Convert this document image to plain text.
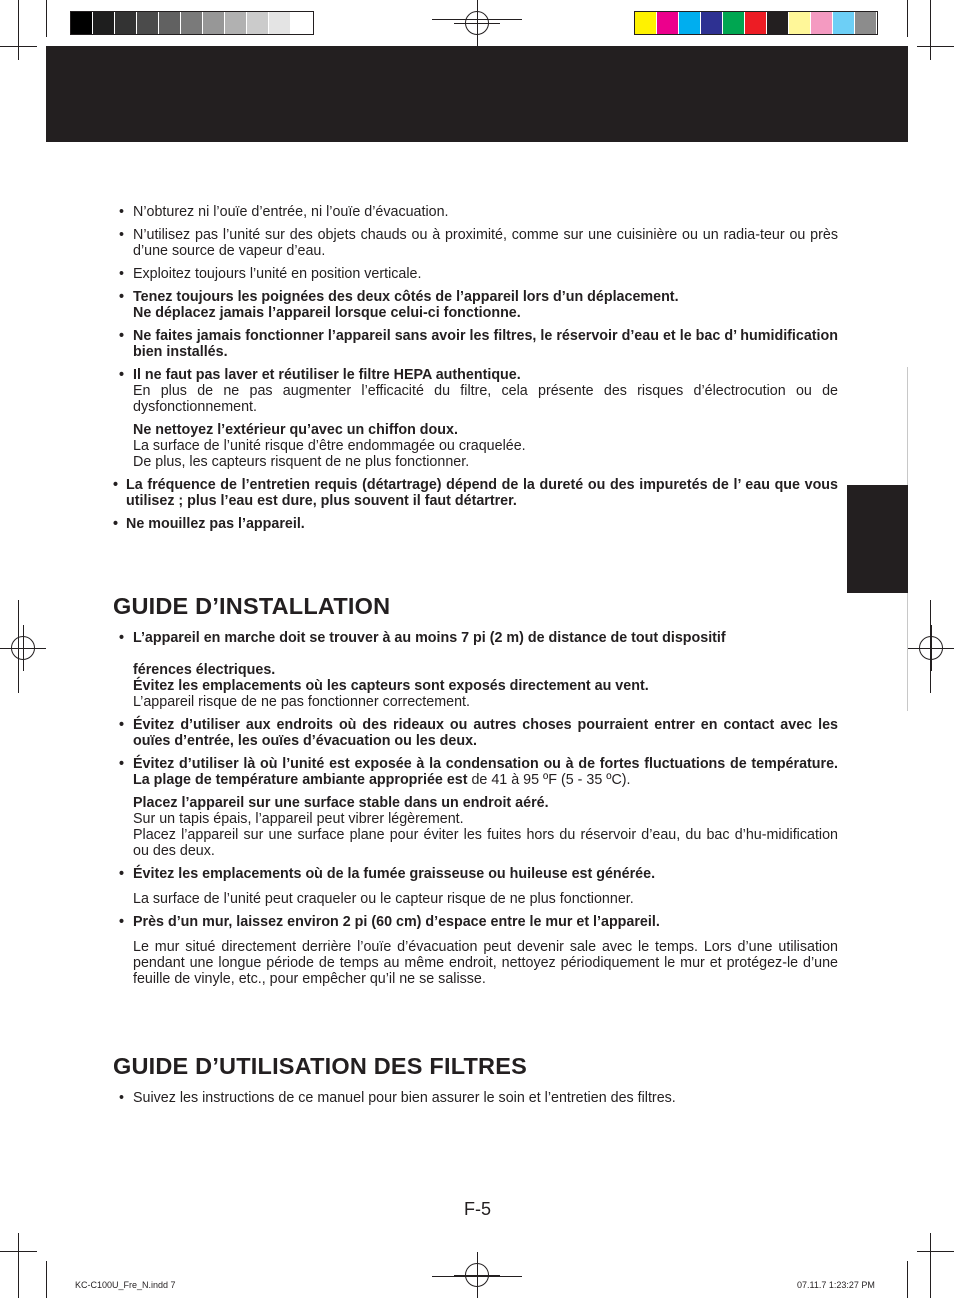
• N’obturez ni l’ouïe d’entrée, ni l’ouïe d’évacuation.

• N’utilisez pas l’unité sur des objets chauds ou à proximité, comme sur une cuisinière ou un radia-teur ou près d’une source de vapeur d’eau.

• Exploitez toujours l’unité en position verticale.

• Tenez toujours les poignées des deux côtés de l’appareil lors d’un déplacement.
Ne déplacez jamais l’appareil lorsque celui-ci fonctionne.

• Ne faites jamais fonctionner l’appareil sans avoir les filtres, le réservoir d’eau et le bac d’ humidification bien installés.

• Il ne faut pas laver et réutiliser le filtre HEPA authentique.
En plus de ne pas augmenter l’efficacité du filtre, cela présente des risques d’électrocution ou de dysfonctionnement.

Ne nettoyez l’extérieur qu’avec un chiffon doux.
La surface de l’unité risque d’être endommagée ou craquelée.
De plus, les capteurs risquent de ne plus fonctionner.

• La fréquence de l’entretien requis (détartrage) dépend de la dureté ou des impuretés de l’ eau que vous utilisez ; plus l’eau est dure, plus souvent il faut détartrer.

• Ne mouillez pas l’appareil.

GUIDE D’INSTALLATION

• L’appareil en marche doit se trouver à au moins 7 pi (2 m) de distance de tout dispositif

férences électriques.
Évitez les emplacements où les capteurs sont exposés directement au vent.
L’appareil risque de ne pas fonctionner correctement.

• Évitez d’utiliser aux endroits où des rideaux ou autres choses pourraient entrer en contact avec les ouïes d’entrée, les ouïes d’évacuation ou les deux.

• Évitez d’utiliser là où l’unité est exposée à la condensation ou à de fortes fluctuations de température. La plage de température ambiante appropriée est de 41 à 95 ºF (5 - 35 ºC).

Placez l’appareil sur une surface stable dans un endroit aéré.
Sur un tapis épais, l’appareil peut vibrer légèrement.
Placez l’appareil sur une surface plane pour éviter les fuites hors du réservoir d’eau, du bac d’hu-midification ou des deux.

• Évitez les emplacements où de la fumée graisseuse ou huileuse est générée.

La surface de l’unité peut craqueler ou le capteur risque de ne plus fonctionner.

• Près d’un mur, laissez environ 2 pi (60 cm) d’espace entre le mur et l’appareil.

Le mur situé directement derrière l’ouïe d’évacuation peut devenir sale avec le temps. Lors d’une utilisation pendant une longue période de temps au même endroit, nettoyez périodiquement le mur et protégez-le d’une feuille de vinyle, etc., pour empêcher qu’il ne se salisse.

GUIDE D’UTILISATION DES FILTRES

• Suivez les instructions de ce manuel pour bien assurer le soin et l’entretien des filtres.

F-5
KC-C100U_Fre_N.indd 7	07.11.7 1:23:27 PM
